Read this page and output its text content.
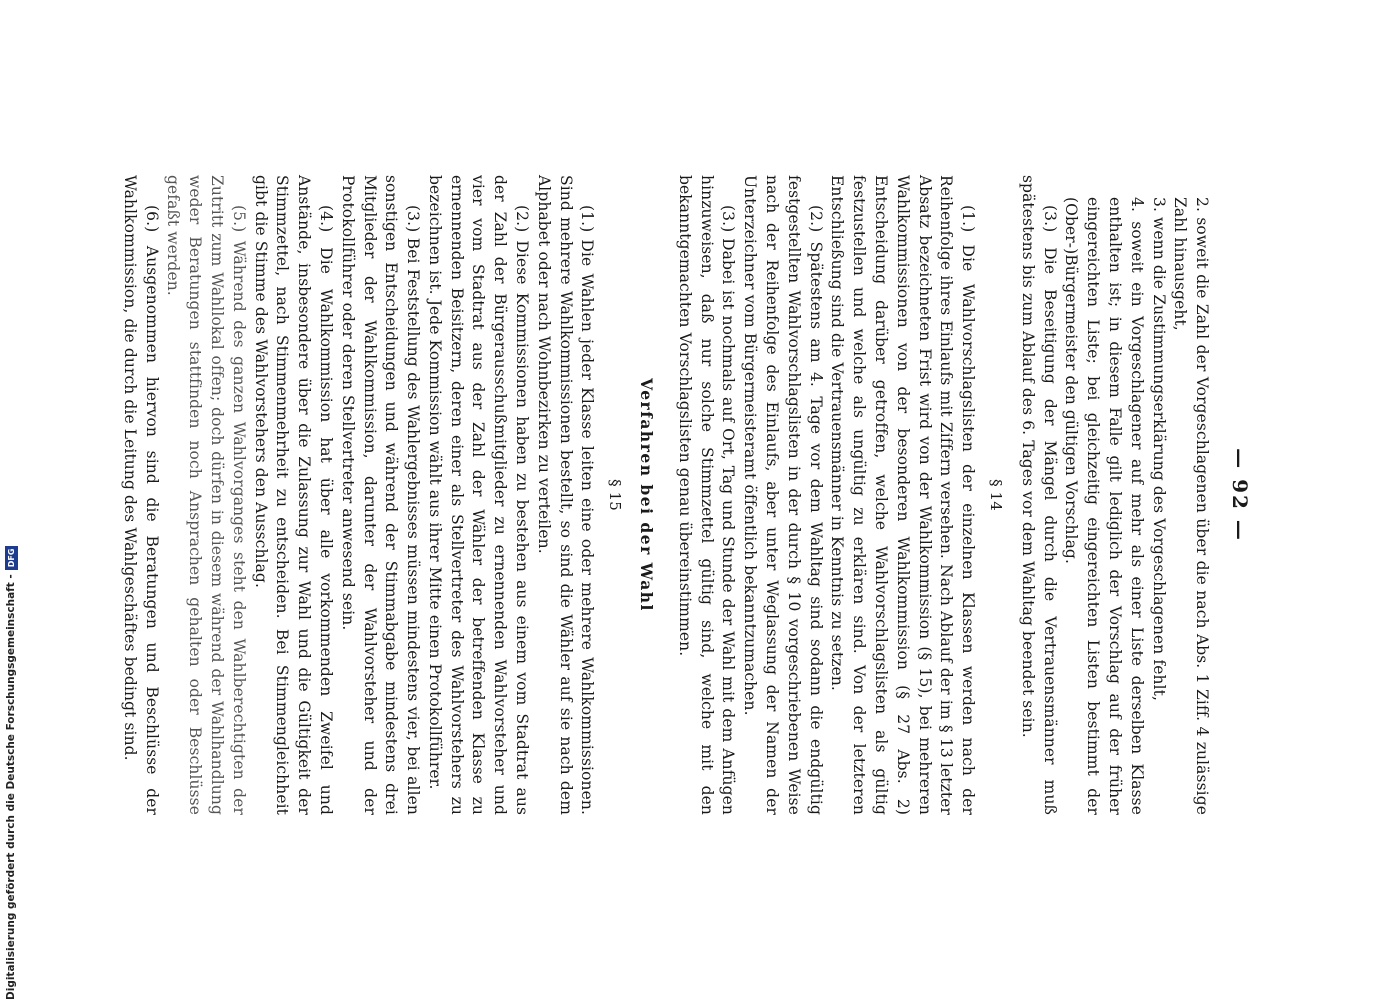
— 92 —

2. soweit die Zahl der Vorgeschlagenen über die nach Abs. 1 Ziff. 4 zulässige Zahl hinausgeht,

3. wenn die Zustimmungserklärung des Vorgeschlagenen fehlt,

4. soweit ein Vorgeschlagener auf mehr als einer Liste derselben Klasse enthalten ist; in diesem Falle gilt lediglich der Vorschlag auf der früher eingereichten Liste; bei gleichzeitig eingereichten Listen bestimmt der (Ober-)Bürgermeister den gültigen Vorschlag.

(3.) Die Beseitigung der Mängel durch die Vertrauensmänner muß spätestens bis zum Ablauf des 6. Tages vor dem Wahltag beendet sein.

§ 14

(1.) Die Wahlvorschlagslisten der einzelnen Klassen werden nach der Reihenfolge ihres Einlaufs mit Ziffern versehen. Nach Ablauf der im § 13 letzter Absatz bezeichneten Frist wird von der Wahlkommission (§ 15), bei mehreren Wahlkommissionen von der besonderen Wahlkommission (§ 27 Abs. 2) Entscheidung darüber getroffen, welche Wahlvorschlagslisten als gültig festzustellen und welche als ungültig zu erklären sind. Von der letzteren Entschließung sind die Vertrauensmänner in Kenntnis zu setzen.

(2.) Spätestens am 4. Tage vor dem Wahltag sind sodann die endgültig festgestellten Wahlvorschlagslisten in der durch § 10 vorgeschriebenen Weise nach der Reihenfolge des Einlaufs, aber unter Weglassung der Namen der Unterzeichner vom Bürgermeisteramt öffentlich bekanntzumachen.

(3.) Dabei ist nochmals auf Ort, Tag und Stunde der Wahl mit dem Anfügen hinzuweisen, daß nur solche Stimmzettel gültig sind, welche mit den bekanntgemachten Vorschlagslisten genau übereinstimmen.

Verfahren bei der Wahl
§ 15

(1.) Die Wahlen jeder Klasse leiten eine oder mehrere Wahlkommissionen. Sind mehrere Wahlkommissionen bestellt, so sind die Wähler auf sie nach dem Alphabet oder nach Wohnbezirken zu verteilen.

(2.) Diese Kommissionen haben zu bestehen aus einem vom Stadtrat aus der Zahl der Bürgerausschußmitglieder zu ernennenden Wahlvorsteher und vier vom Stadtrat aus der Zahl der Wähler der betreffenden Klasse zu ernennenden Beisitzern, deren einer als Stellvertreter des Wahlvorstehers zu bezeichnen ist. Jede Kommission wählt aus ihrer Mitte einen Protokollführer.

(3.) Bei Feststellung des Wahlergebnisses müssen mindestens vier, bei allen sonstigen Entscheidungen und während der Stimmabgabe mindestens drei Mitglieder der Wahlkommission, darunter der Wahlvorsteher und der Protokollführer oder deren Stellvertreter anwesend sein.

(4.) Die Wahlkommission hat über alle vorkommenden Zweifel und Anstände, insbesondere über die Zulassung zur Wahl und die Gültigkeit der Stimmzettel, nach Stimmenmehrheit zu entscheiden. Bei Stimmengleichheit gibt die Stimme des Wahlvorstehers den Ausschlag.

(5.) Während des ganzen Wahlvorganges steht den Wahlberechtigten der Zutritt zum Wahllokal offen; doch dürfen in diesem während der Wahlhandlung weder Beratungen stattfinden noch Ansprachen gehalten oder Beschlüsse gefaßt werden.

(6.) Ausgenommen hiervon sind die Beratungen und Beschlüsse der Wahlkommission, die durch die Leitung des Wahlgeschäftes bedingt sind.

Digitalisierung gefördert durch die Deutsche Forschungsgemeinschaft -
DFG
